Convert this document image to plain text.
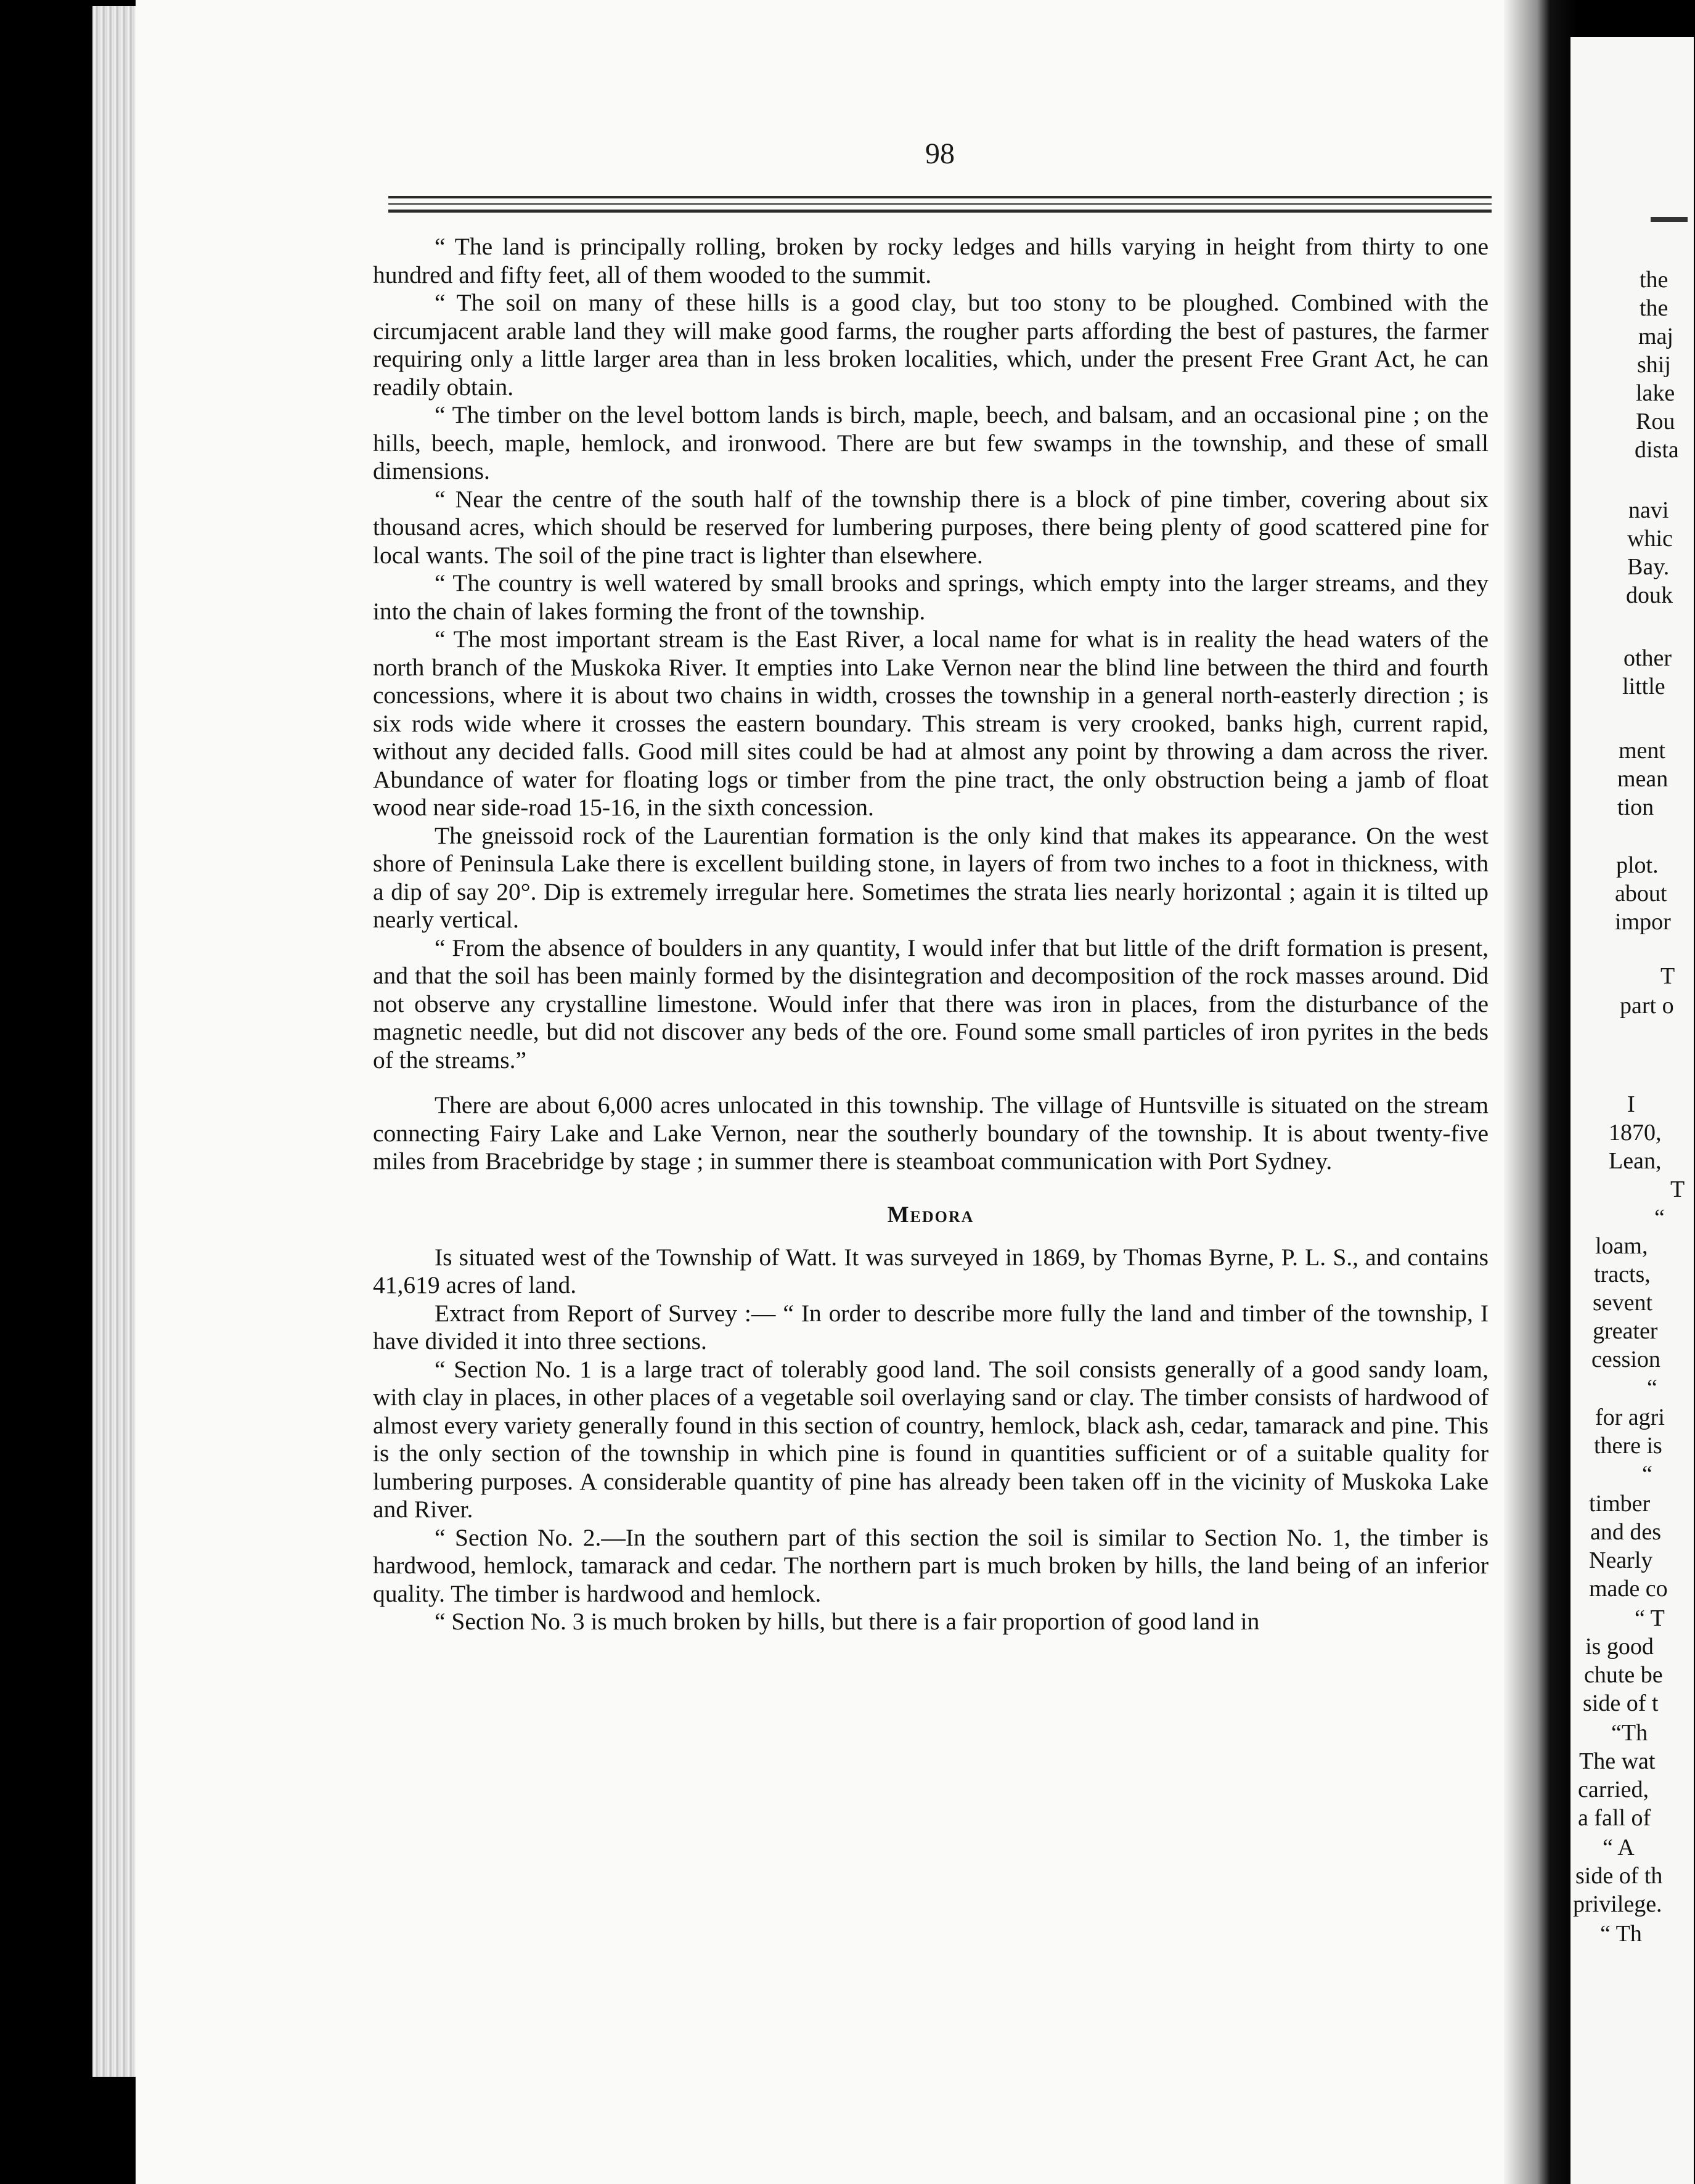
98

“ The land is principally rolling, broken by rocky ledges and hills varying in height from thirty to one hundred and fifty feet, all of them wooded to the summit.

“ The soil on many of these hills is a good clay, but too stony to be ploughed. Combined with the circumjacent arable land they will make good farms, the rougher parts affording the best of pastures, the farmer requiring only a little larger area than in less broken localities, which, under the present Free Grant Act, he can readily obtain.

“ The timber on the level bottom lands is birch, maple, beech, and balsam, and an occasional pine ; on the hills, beech, maple, hemlock, and ironwood. There are but few swamps in the township, and these of small dimensions.

“ Near the centre of the south half of the township there is a block of pine timber, covering about six thousand acres, which should be reserved for lumbering purposes, there being plenty of good scattered pine for local wants. The soil of the pine tract is lighter than elsewhere.

“ The country is well watered by small brooks and springs, which empty into the larger streams, and they into the chain of lakes forming the front of the township.

“ The most important stream is the East River, a local name for what is in reality the head waters of the north branch of the Muskoka River. It empties into Lake Vernon near the blind line between the third and fourth concessions, where it is about two chains in width, crosses the township in a general north-easterly direction ; is six rods wide where it crosses the eastern boundary. This stream is very crooked, banks high, current rapid, without any decided falls. Good mill sites could be had at almost any point by throwing a dam across the river. Abundance of water for floating logs or timber from the pine tract, the only obstruction being a jamb of float wood near side-road 15-16, in the sixth concession.

The gneissoid rock of the Laurentian formation is the only kind that makes its appearance. On the west shore of Peninsula Lake there is excellent building stone, in layers of from two inches to a foot in thickness, with a dip of say 20°. Dip is extremely irregular here. Sometimes the strata lies nearly horizontal ; again it is tilted up nearly vertical.

“ From the absence of boulders in any quantity, I would infer that but little of the drift formation is present, and that the soil has been mainly formed by the disintegration and decomposition of the rock masses around. Did not observe any crystalline limestone. Would infer that there was iron in places, from the disturbance of the magnetic needle, but did not discover any beds of the ore. Found some small particles of iron pyrites in the beds of the streams.”

There are about 6,000 acres unlocated in this township. The village of Huntsville is situated on the stream connecting Fairy Lake and Lake Vernon, near the southerly boundary of the township. It is about twenty-five miles from Bracebridge by stage ; in summer there is steamboat communication with Port Sydney.

Medora

Is situated west of the Township of Watt. It was surveyed in 1869, by Thomas Byrne, P. L. S., and contains 41,619 acres of land.

Extract from Report of Survey :— “ In order to describe more fully the land and timber of the township, I have divided it into three sections.

“ Section No. 1 is a large tract of tolerably good land. The soil consists generally of a good sandy loam, with clay in places, in other places of a vegetable soil overlaying sand or clay. The timber consists of hardwood of almost every variety generally found in this section of country, hemlock, black ash, cedar, tamarack and pine. This is the only section of the township in which pine is found in quantities sufficient or of a suitable quality for lumbering purposes. A considerable quantity of pine has already been taken off in the vicinity of Muskoka Lake and River.

“ Section No. 2.—In the southern part of this section the soil is similar to Section No. 1, the timber is hardwood, hemlock, tamarack and cedar. The northern part is much broken by hills, the land being of an inferior quality. The timber is hardwood and hemlock.

“ Section No. 3 is much broken by hills, but there is a fair proportion of good land in

the
the
maj
shij
lake
Rou
dista
navi
whic
Bay.
douk
other
little
ment
mean
tion
plot.
about
impor
T
part o
I
1870,
Lean,
T
“
loam,
tracts,
sevent
greater
cession
“
for agri
there is
“
timber
and des
Nearly
made co
“ T
is good
chute be
side of t
“Th
The wat
carried,
a fall of
“ A
side of th
privilege.
“ Th
